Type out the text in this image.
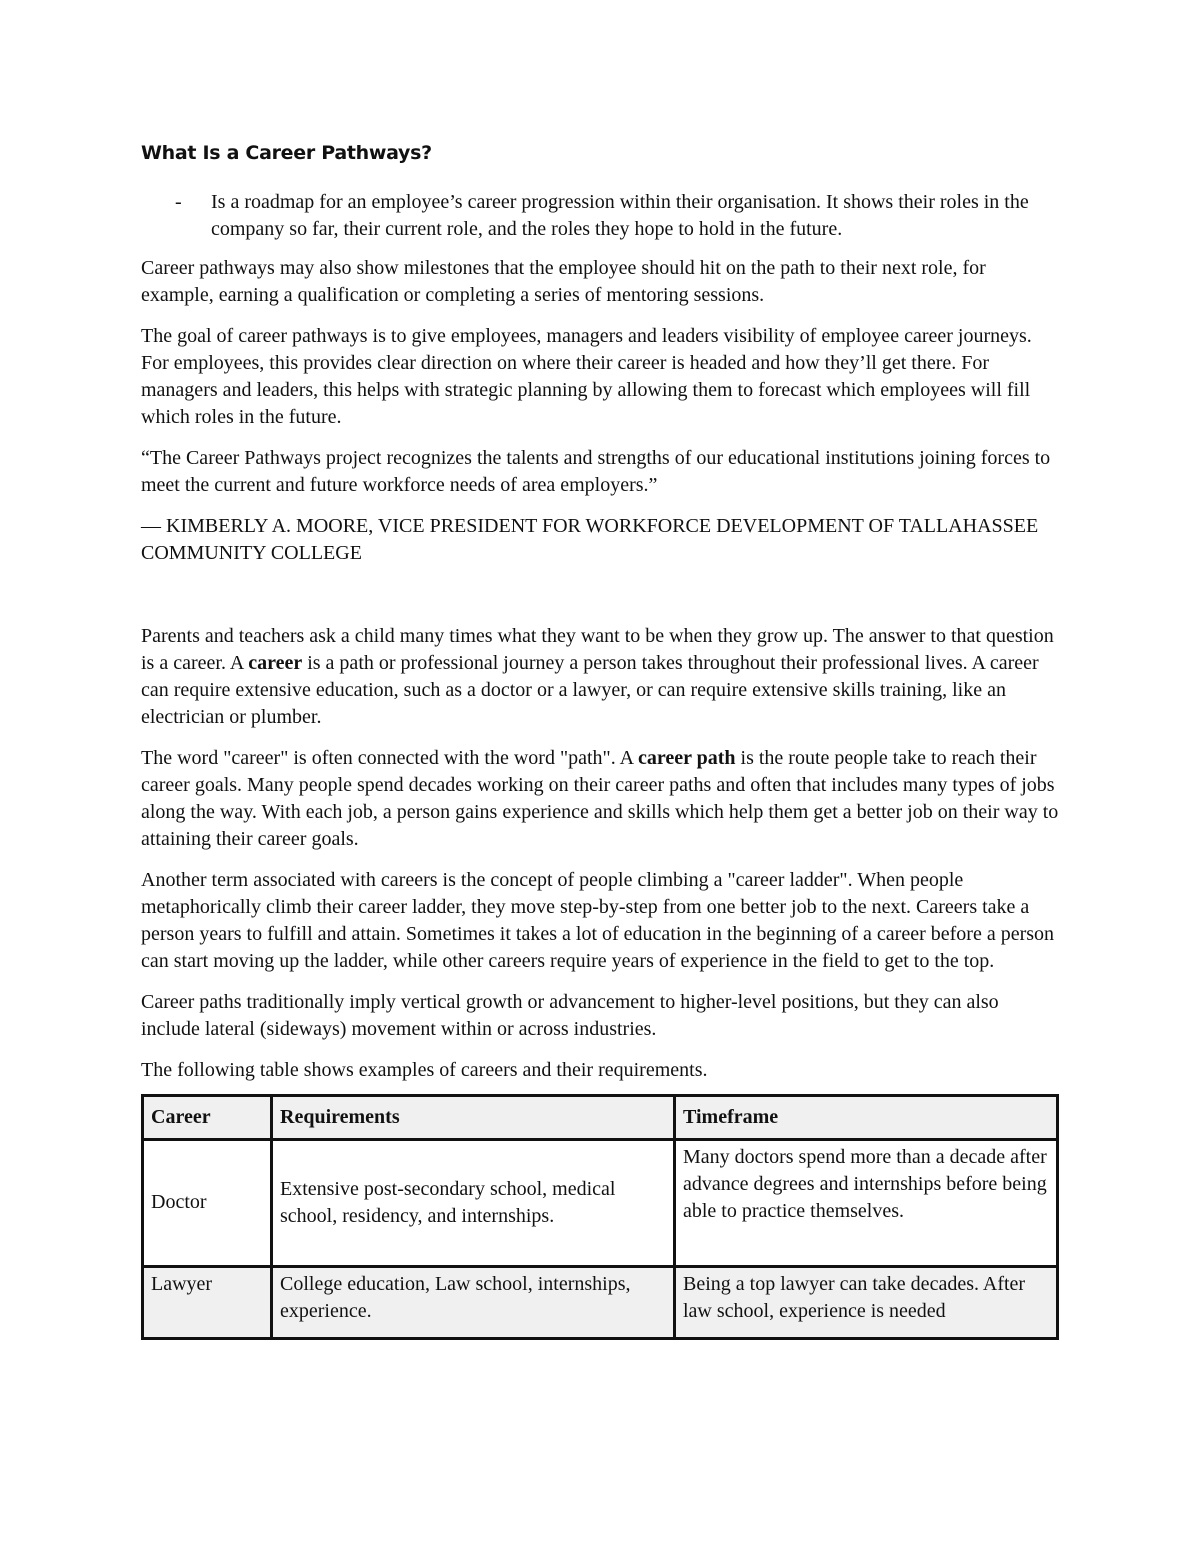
What Is a Career Pathways?
-	Is a roadmap for an employee’s career progression within their organisation. It shows their roles in the company so far, their current role, and the roles they hope to hold in the future.

Career pathways may also show milestones that the employee should hit on the path to their next role, for example, earning a qualification or completing a series of mentoring sessions.

The goal of career pathways is to give employees, managers and leaders visibility of employee career journeys. For employees, this provides clear direction on where their career is headed and how they’ll get there. For managers and leaders, this helps with strategic planning by allowing them to forecast which employees will fill which roles in the future.

“The Career Pathways project recognizes the talents and strengths of our educational institutions joining forces to meet the current and future workforce needs of area employers.”

— KIMBERLY A. MOORE, VICE PRESIDENT FOR WORKFORCE DEVELOPMENT OF TALLAHASSEE COMMUNITY COLLEGE

Parents and teachers ask a child many times what they want to be when they grow up. The answer to that question is a career. A career is a path or professional journey a person takes throughout their professional lives. A career can require extensive education, such as a doctor or a lawyer, or can require extensive skills training, like an electrician or plumber.

The word "career" is often connected with the word "path". A career path is the route people take to reach their career goals. Many people spend decades working on their career paths and often that includes many types of jobs along the way. With each job, a person gains experience and skills which help them get a better job on their way to attaining their career goals.

Another term associated with careers is the concept of people climbing a "career ladder". When people metaphorically climb their career ladder, they move step-by-step from one better job to the next. Careers take a person years to fulfill and attain. Sometimes it takes a lot of education in the beginning of a career before a person can start moving up the ladder, while other careers require years of experience in the field to get to the top.

Career paths traditionally imply vertical growth or advancement to higher-level positions, but they can also include lateral (sideways) movement within or across industries.

The following table shows examples of careers and their requirements.

Career	Requirements	Timeframe
Doctor	Extensive post-secondary school, medical school, residency, and internships.	Many doctors spend more than a decade after advance degrees and internships before being able to practice themselves.
Lawyer	College education, Law school, internships, experience.	Being a top lawyer can take decades. After law school, experience is needed
